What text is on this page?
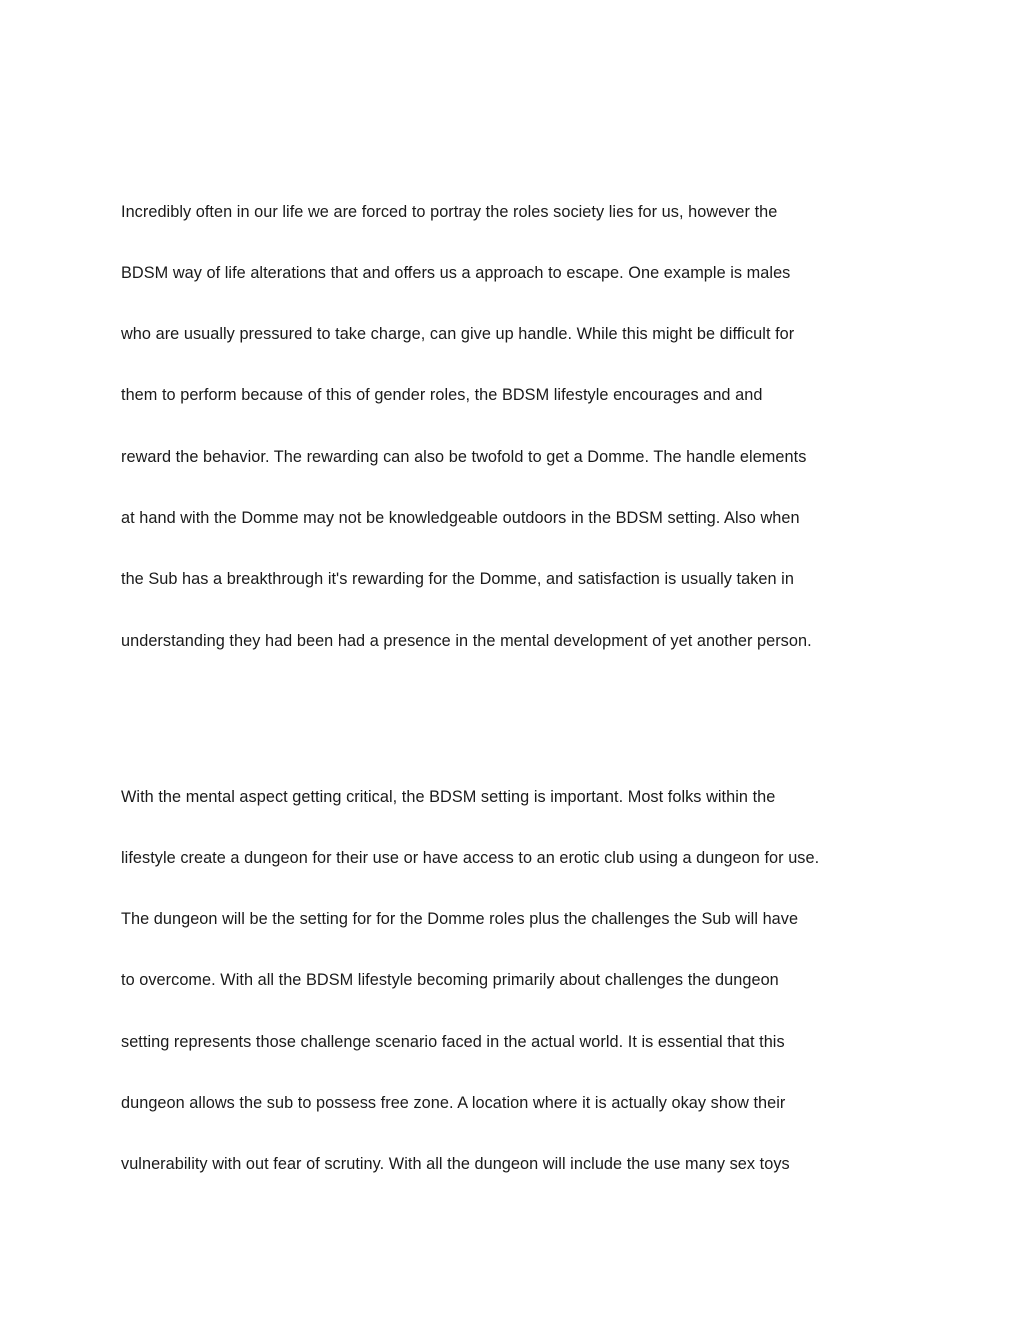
Incredibly often in our life we are forced to portray the roles society lies for us, however the
BDSM way of life alterations that and offers us a approach to escape. One example is males
who are usually pressured to take charge, can give up handle. While this might be difficult for
them to perform because of this of gender roles, the BDSM lifestyle encourages and and
reward the behavior. The rewarding can also be twofold to get a Domme. The handle elements
at hand with the Domme may not be knowledgeable outdoors in the BDSM setting. Also when
the Sub has a breakthrough it's rewarding for the Domme, and satisfaction is usually taken in
understanding they had been had a presence in the mental development of yet another person.
With the mental aspect getting critical, the BDSM setting is important. Most folks within the
lifestyle create a dungeon for their use or have access to an erotic club using a dungeon for use.
The dungeon will be the setting for for the Domme roles plus the challenges the Sub will have
to overcome. With all the BDSM lifestyle becoming primarily about challenges the dungeon
setting represents those challenge scenario faced in the actual world. It is essential that this
dungeon allows the sub to possess free zone. A location where it is actually okay show their
vulnerability with out fear of scrutiny. With all the dungeon will include the use many sex toys
